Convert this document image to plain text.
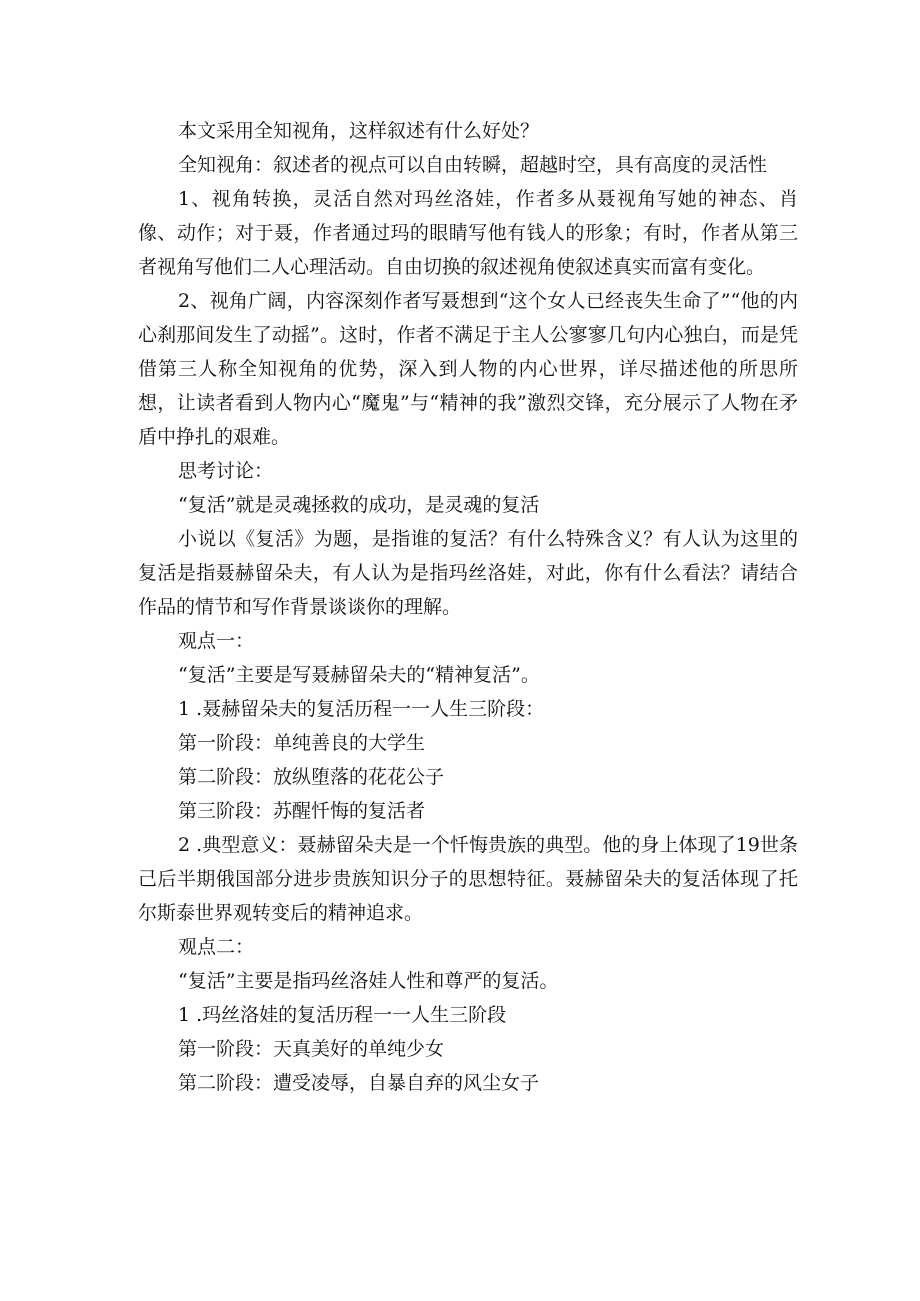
本文采用全知视角，这样叙述有什么好处？

全知视角：叙述者的视点可以自由转瞬，超越时空，具有高度的灵活性

1、视角转换，灵活自然对玛丝洛娃，作者多从聂视角写她的神态、肖像、动作；对于聂，作者通过玛的眼睛写他有钱人的形象；有时，作者从第三者视角写他们二人心理活动。自由切换的叙述视角使叙述真实而富有变化。

2、视角广阔，内容深刻作者写聂想到“这个女人已经丧失生命了”“他的内心刹那间发生了动摇”。这时，作者不满足于主人公寥寥几句内心独白，而是凭借第三人称全知视角的优势，深入到人物的内心世界，详尽描述他的所思所想，让读者看到人物内心“魔鬼”与“精神的我”激烈交锋，充分展示了人物在矛盾中挣扎的艰难。

思考讨论：

“复活”就是灵魂拯救的成功，是灵魂的复活

小说以《复活》为题，是指谁的复活？有什么特殊含义？有人认为这里的复活是指聂赫留朵夫，有人认为是指玛丝洛娃，对此，你有什么看法？请结合作品的情节和写作背景谈谈你的理解。

观点一：

“复活”主要是写聂赫留朵夫的“精神复活”。

1 .聂赫留朵夫的复活历程一一人生三阶段：

第一阶段：单纯善良的大学生

第二阶段：放纵堕落的花花公子

第三阶段：苏醒忏悔的复活者

2 .典型意义：聂赫留朵夫是一个忏悔贵族的典型。他的身上体现了19世条己后半期俄国部分进步贵族知识分子的思想特征。聂赫留朵夫的复活体现了托尔斯泰世界观转变后的精神追求。

观点二：

“复活”主要是指玛丝洛娃人性和尊严的复活。

1 .玛丝洛娃的复活历程一一人生三阶段

第一阶段：天真美好的单纯少女

第二阶段：遭受凌辱，自暴自弃的风尘女子
